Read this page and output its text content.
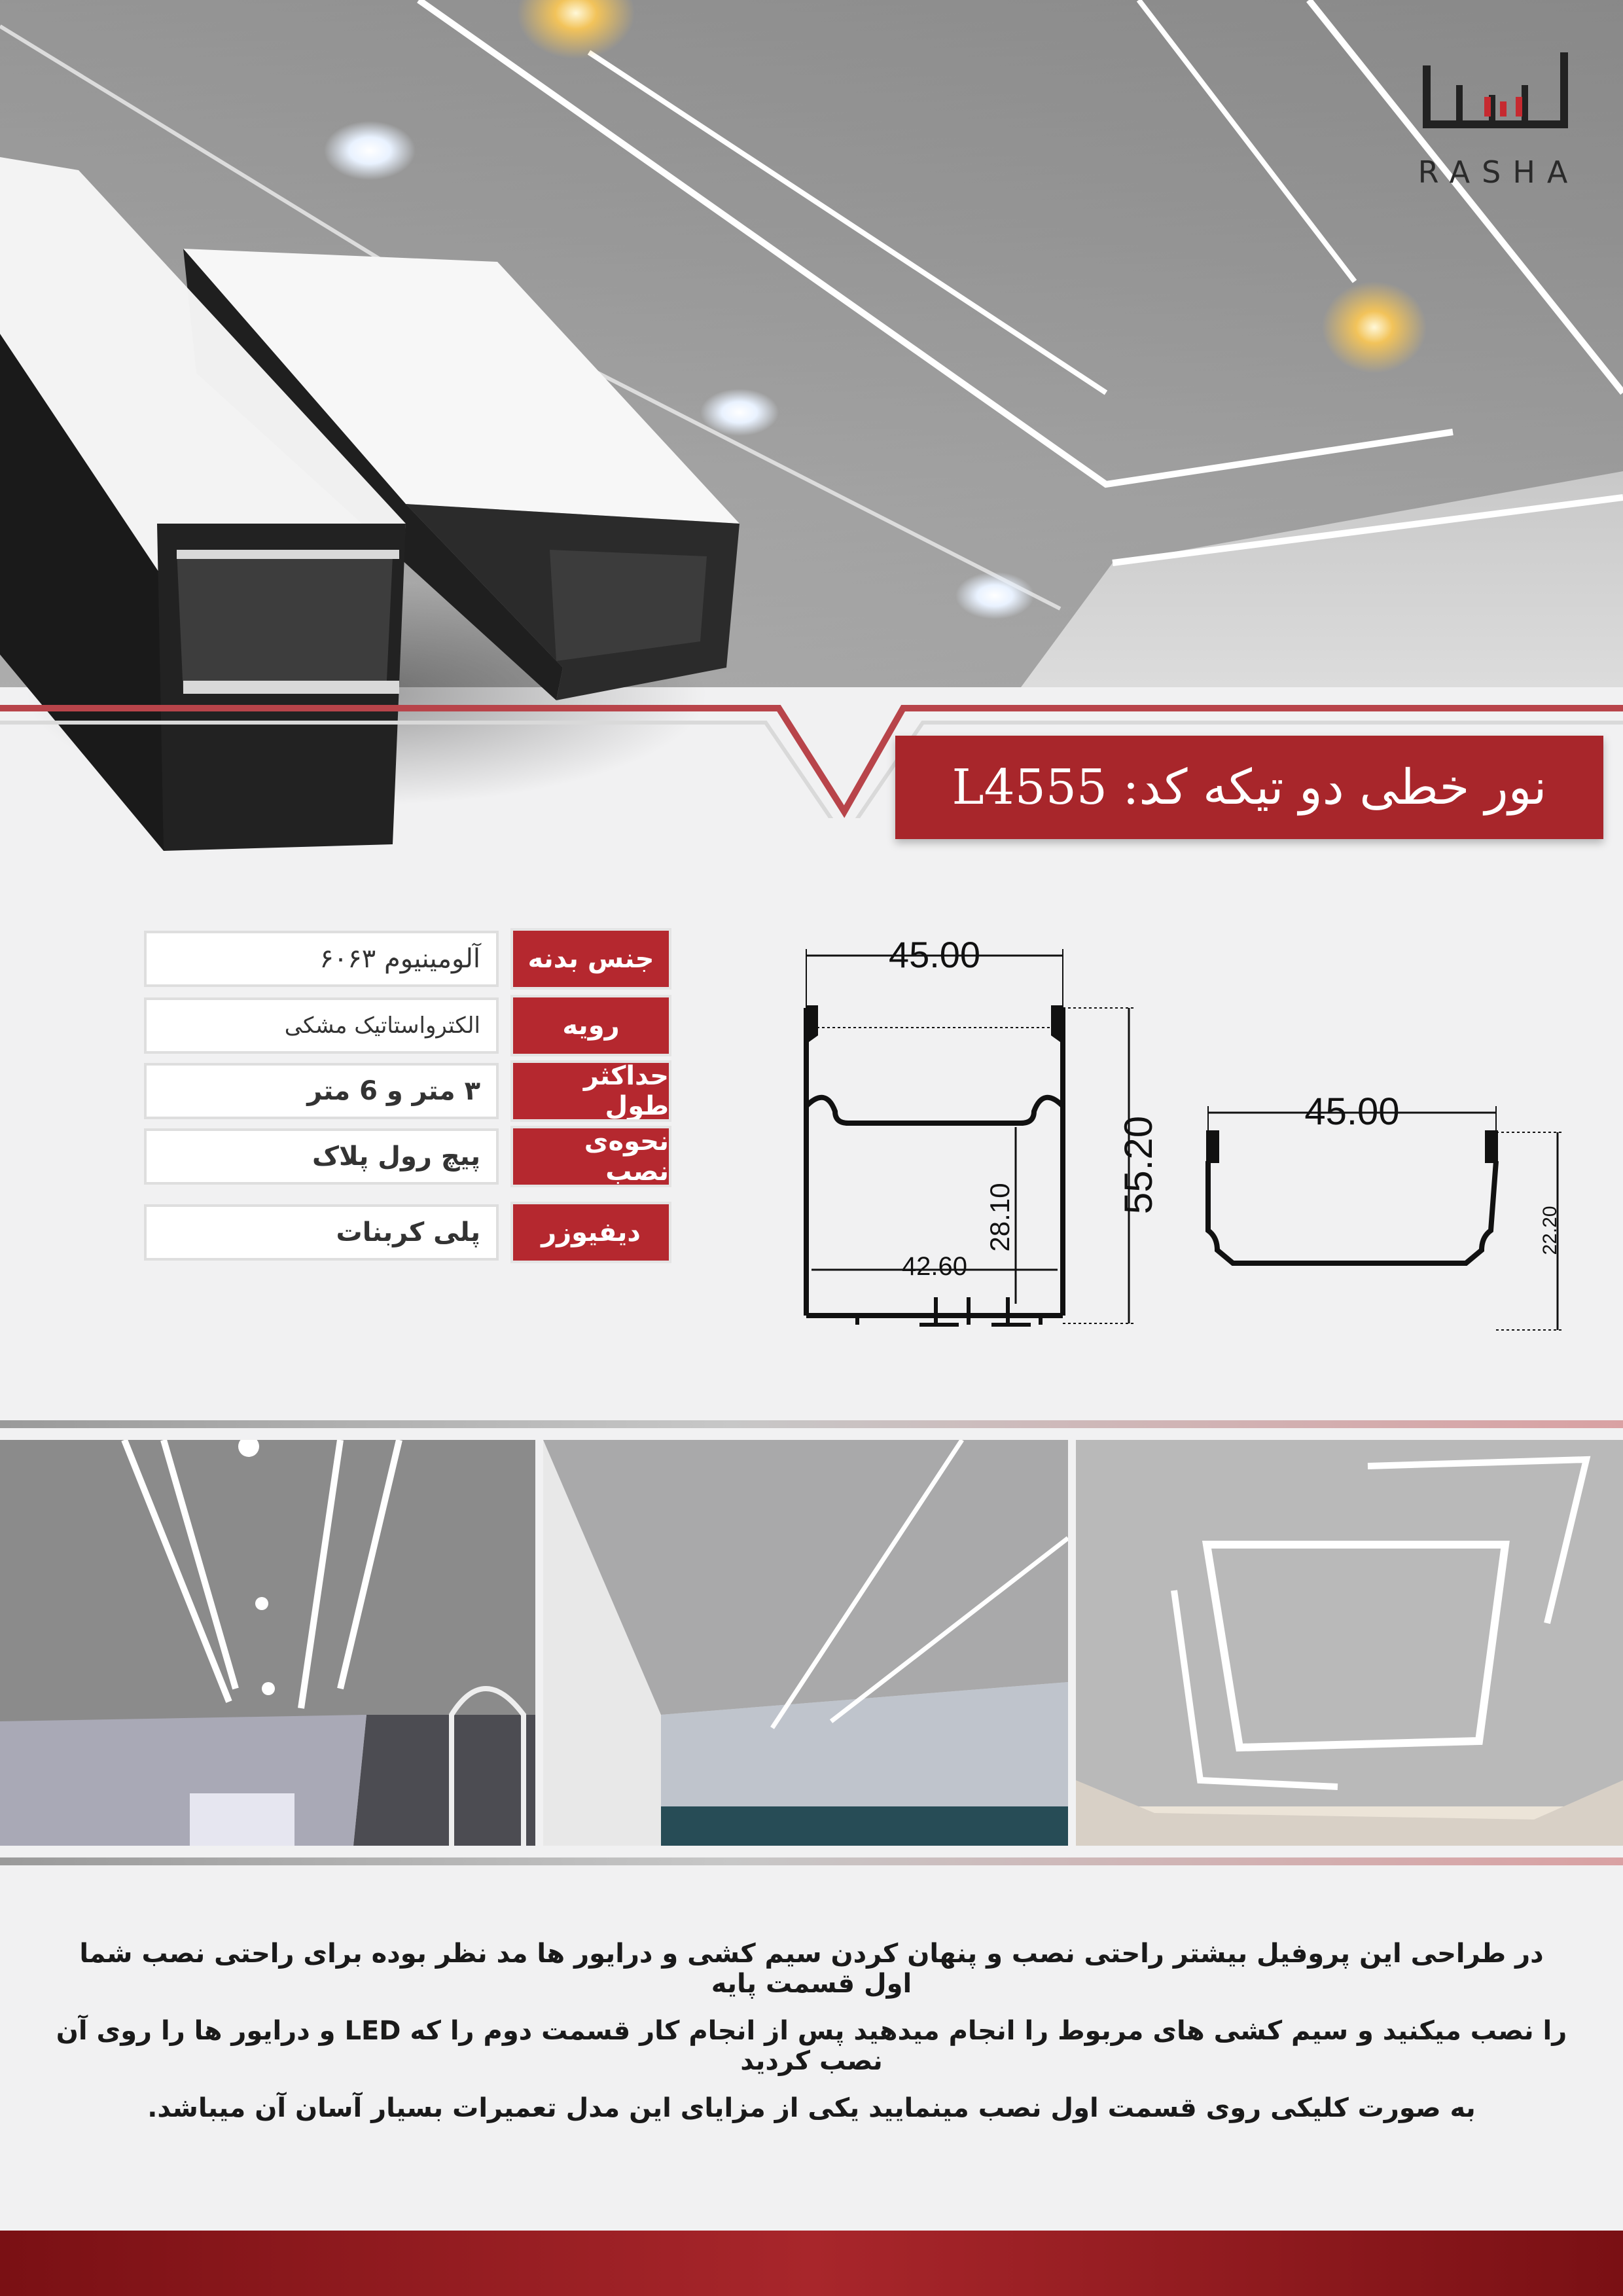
RASHA
نور خطی دو تیکه کد: L4555
جنس بدنه
آلومینیوم ۶۰۶۳
رویه
الکترواستاتیک مشکی
حداکثر طول
۳ متر و 6 متر
نحوه‌ی نصب
پیچ رول پلاک
دیفیوزر
پلی کربنات
45.00
55.20
28.10
42.60
45.00
22.20
در طراحی این پروفیل بیشتر راحتی نصب و پنهان کردن سیم کشی و درایور ها مد نظر بوده برای راحتی نصب شما اول قسمت پایه
را نصب میکنید و سیم کشی های مربوط را انجام میدهید پس از انجام کار قسمت دوم را که LED و درایور ها را روی آن نصب کردید
به صورت کلیکی روی قسمت اول نصب مینمایید یکی از مزایای این مدل تعمیرات بسیار آسان آن میباشد.
